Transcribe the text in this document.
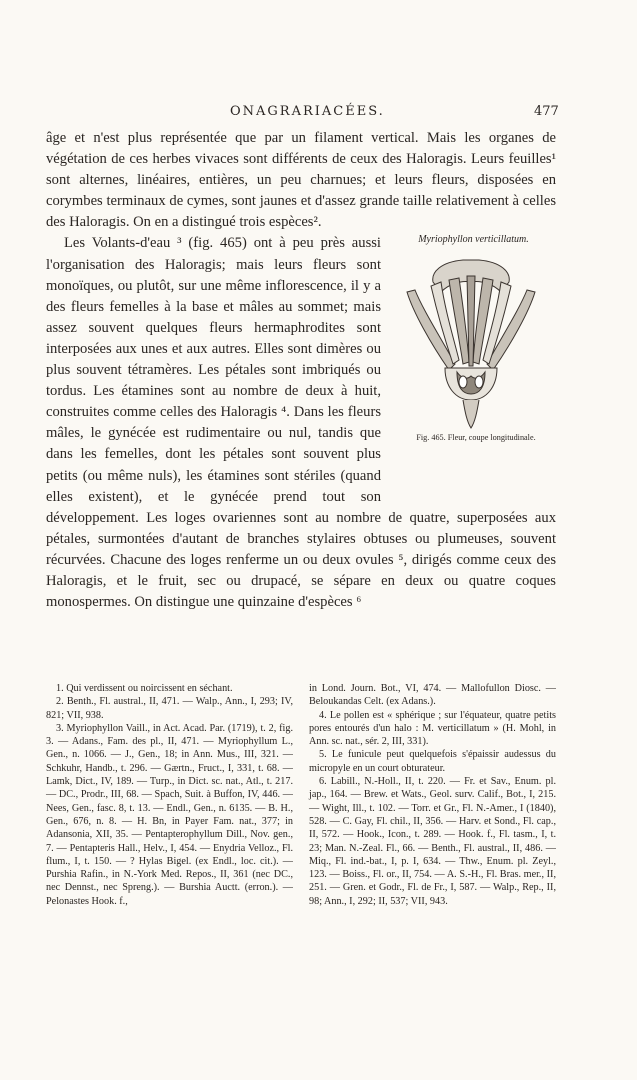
ONAGRARIACÉES.	477

âge et n'est plus représentée que par un filament vertical. Mais les organes de végétation de ces herbes vivaces sont différents de ceux des Haloragis. Leurs feuilles¹ sont alternes, linéaires, entières, un peu charnues; et leurs fleurs, disposées en corymbes terminaux de cymes, sont jaunes et d'assez grande taille relativement à celles des Haloragis. On en a distingué trois espèces².

Myriophyllon verticillatum.
Fig. 465. Fleur, coupe longitudinale.

Les Volants-d'eau ³ (fig. 465) ont à peu près aussi l'organisation des Haloragis; mais leurs fleurs sont monoïques, ou plutôt, sur une même inflorescence, il y a des fleurs femelles à la base et mâles au sommet; mais assez souvent quelques fleurs hermaphrodites sont interposées aux unes et aux autres. Elles sont dimères ou plus souvent tétramères. Les pétales sont imbriqués ou tordus. Les étamines sont au nombre de deux à huit, construites comme celles des Haloragis ⁴. Dans les fleurs mâles, le gynécée est rudimentaire ou nul, tandis que dans les femelles, dont les pétales sont souvent plus petits (ou même nuls), les étamines sont stériles (quand elles existent), et le gynécée prend tout son développement. Les loges ovariennes sont au nombre de quatre, superposées aux pétales, surmontées d'autant de branches stylaires obtuses ou plumeuses, souvent récurvées. Chacune des loges renferme un ou deux ovules ⁵, dirigés comme ceux des Haloragis, et le fruit, sec ou drupacé, se sépare en deux ou quatre coques monospermes. On distingue une quinzaine d'espèces ⁶

1. Qui verdissent ou noircissent en séchant.

2. Benth., Fl. austral., II, 471. — Walp., Ann., I, 293; IV, 821; VII, 938.

3. Myriophyllon Vaill., in Act. Acad. Par. (1719), t. 2, fig. 3. — Adans., Fam. des pl., II, 471. — Myriophyllum L., Gen., n. 1066. — J., Gen., 18; in Ann. Mus., III, 321. — Schkuhr, Handb., t. 296. — Gærtn., Fruct., I, 331, t. 68. — Lamk, Dict., IV, 189. — Turp., in Dict. sc. nat., Atl., t. 217. — DC., Prodr., III, 68. — Spach, Suit. à Buffon, IV, 446. — Nees, Gen., fasc. 8, t. 13. — Endl., Gen., n. 6135. — B. H., Gen., 676, n. 8. — H. Bn, in Payer Fam. nat., 377; in Adansonia, XII, 35. — Pentapterophyllum Dill., Nov. gen., 7. — Pentapteris Hall., Helv., I, 454. — Enydria Velloz., Fl. flum., I, t. 150. — ? Hylas Bigel. (ex Endl., loc. cit.). — Purshia Rafin., in N.-York Med. Repos., II, 361 (nec DC., nec Dennst., nec Spreng.). — Burshia Auctt. (erron.). — Pelonastes Hook. f.,

in Lond. Journ. Bot., VI, 474. — Mallofullon Diosc. — Beloukandas Celt. (ex Adans.).

4. Le pollen est « sphérique ; sur l'équateur, quatre petits pores entourés d'un halo : M. verticillatum » (H. Mohl, in Ann. sc. nat., sér. 2, III, 331).

5. Le funicule peut quelquefois s'épaissir audessus du micropyle en un court obturateur.

6. Labill., N.-Holl., II, t. 220. — Fr. et Sav., Enum. pl. jap., 164. — Brew. et Wats., Geol. surv. Calif., Bot., I, 215. — Wight, Ill., t. 102. — Torr. et Gr., Fl. N.-Amer., I (1840), 528. — C. Gay, Fl. chil., II, 356. — Harv. et Sond., Fl. cap., II, 572. — Hook., Icon., t. 289. — Hook. f., Fl. tasm., I, t. 23; Man. N.-Zeal. Fl., 66. — Benth., Fl. austral., II, 486. — Miq., Fl. ind.-bat., I, p. I, 634. — Thw., Enum. pl. Zeyl., 123. — Boiss., Fl. or., II, 754. — A. S.-H., Fl. Bras. mer., II, 251. — Gren. et Godr., Fl. de Fr., I, 587. — Walp., Rep., II, 98; Ann., I, 292; II, 537; VII, 943.
